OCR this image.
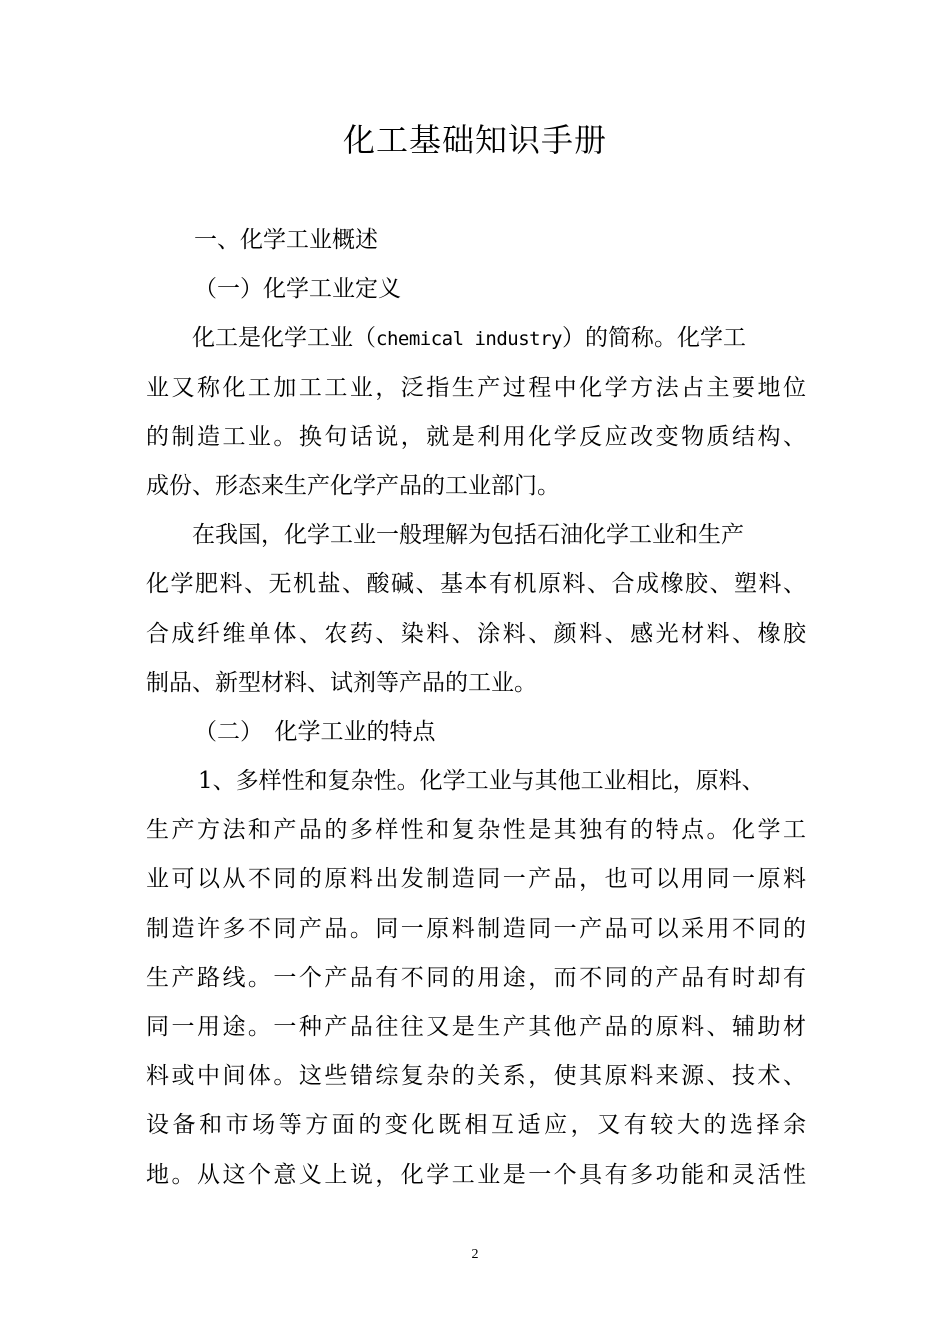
化工基础知识手册
一、化学工业概述
（一）化学工业定义
化工是化学工业（chemical industry）的简称。化学工
业又称化工加工工业，泛指生产过程中化学方法占主要地位
的制造工业。换句话说，就是利用化学反应改变物质结构、
成份、形态来生产化学产品的工业部门。
在我国，化学工业一般理解为包括石油化学工业和生产
化学肥料、无机盐、酸碱、基本有机原料、合成橡胶、塑料、
合成纤维单体、农药、染料、涂料、颜料、感光材料、橡胶
制品、新型材料、试剂等产品的工业。
（二）　化学工业的特点
1、多样性和复杂性。化学工业与其他工业相比，原料、
生产方法和产品的多样性和复杂性是其独有的特点。化学工
业可以从不同的原料出发制造同一产品，也可以用同一原料
制造许多不同产品。同一原料制造同一产品可以采用不同的
生产路线。一个产品有不同的用途，而不同的产品有时却有
同一用途。一种产品往往又是生产其他产品的原料、辅助材
料或中间体。这些错综复杂的关系，使其原料来源、技术、
设备和市场等方面的变化既相互适应，又有较大的选择余
地。从这个意义上说，化学工业是一个具有多功能和灵活性
2
